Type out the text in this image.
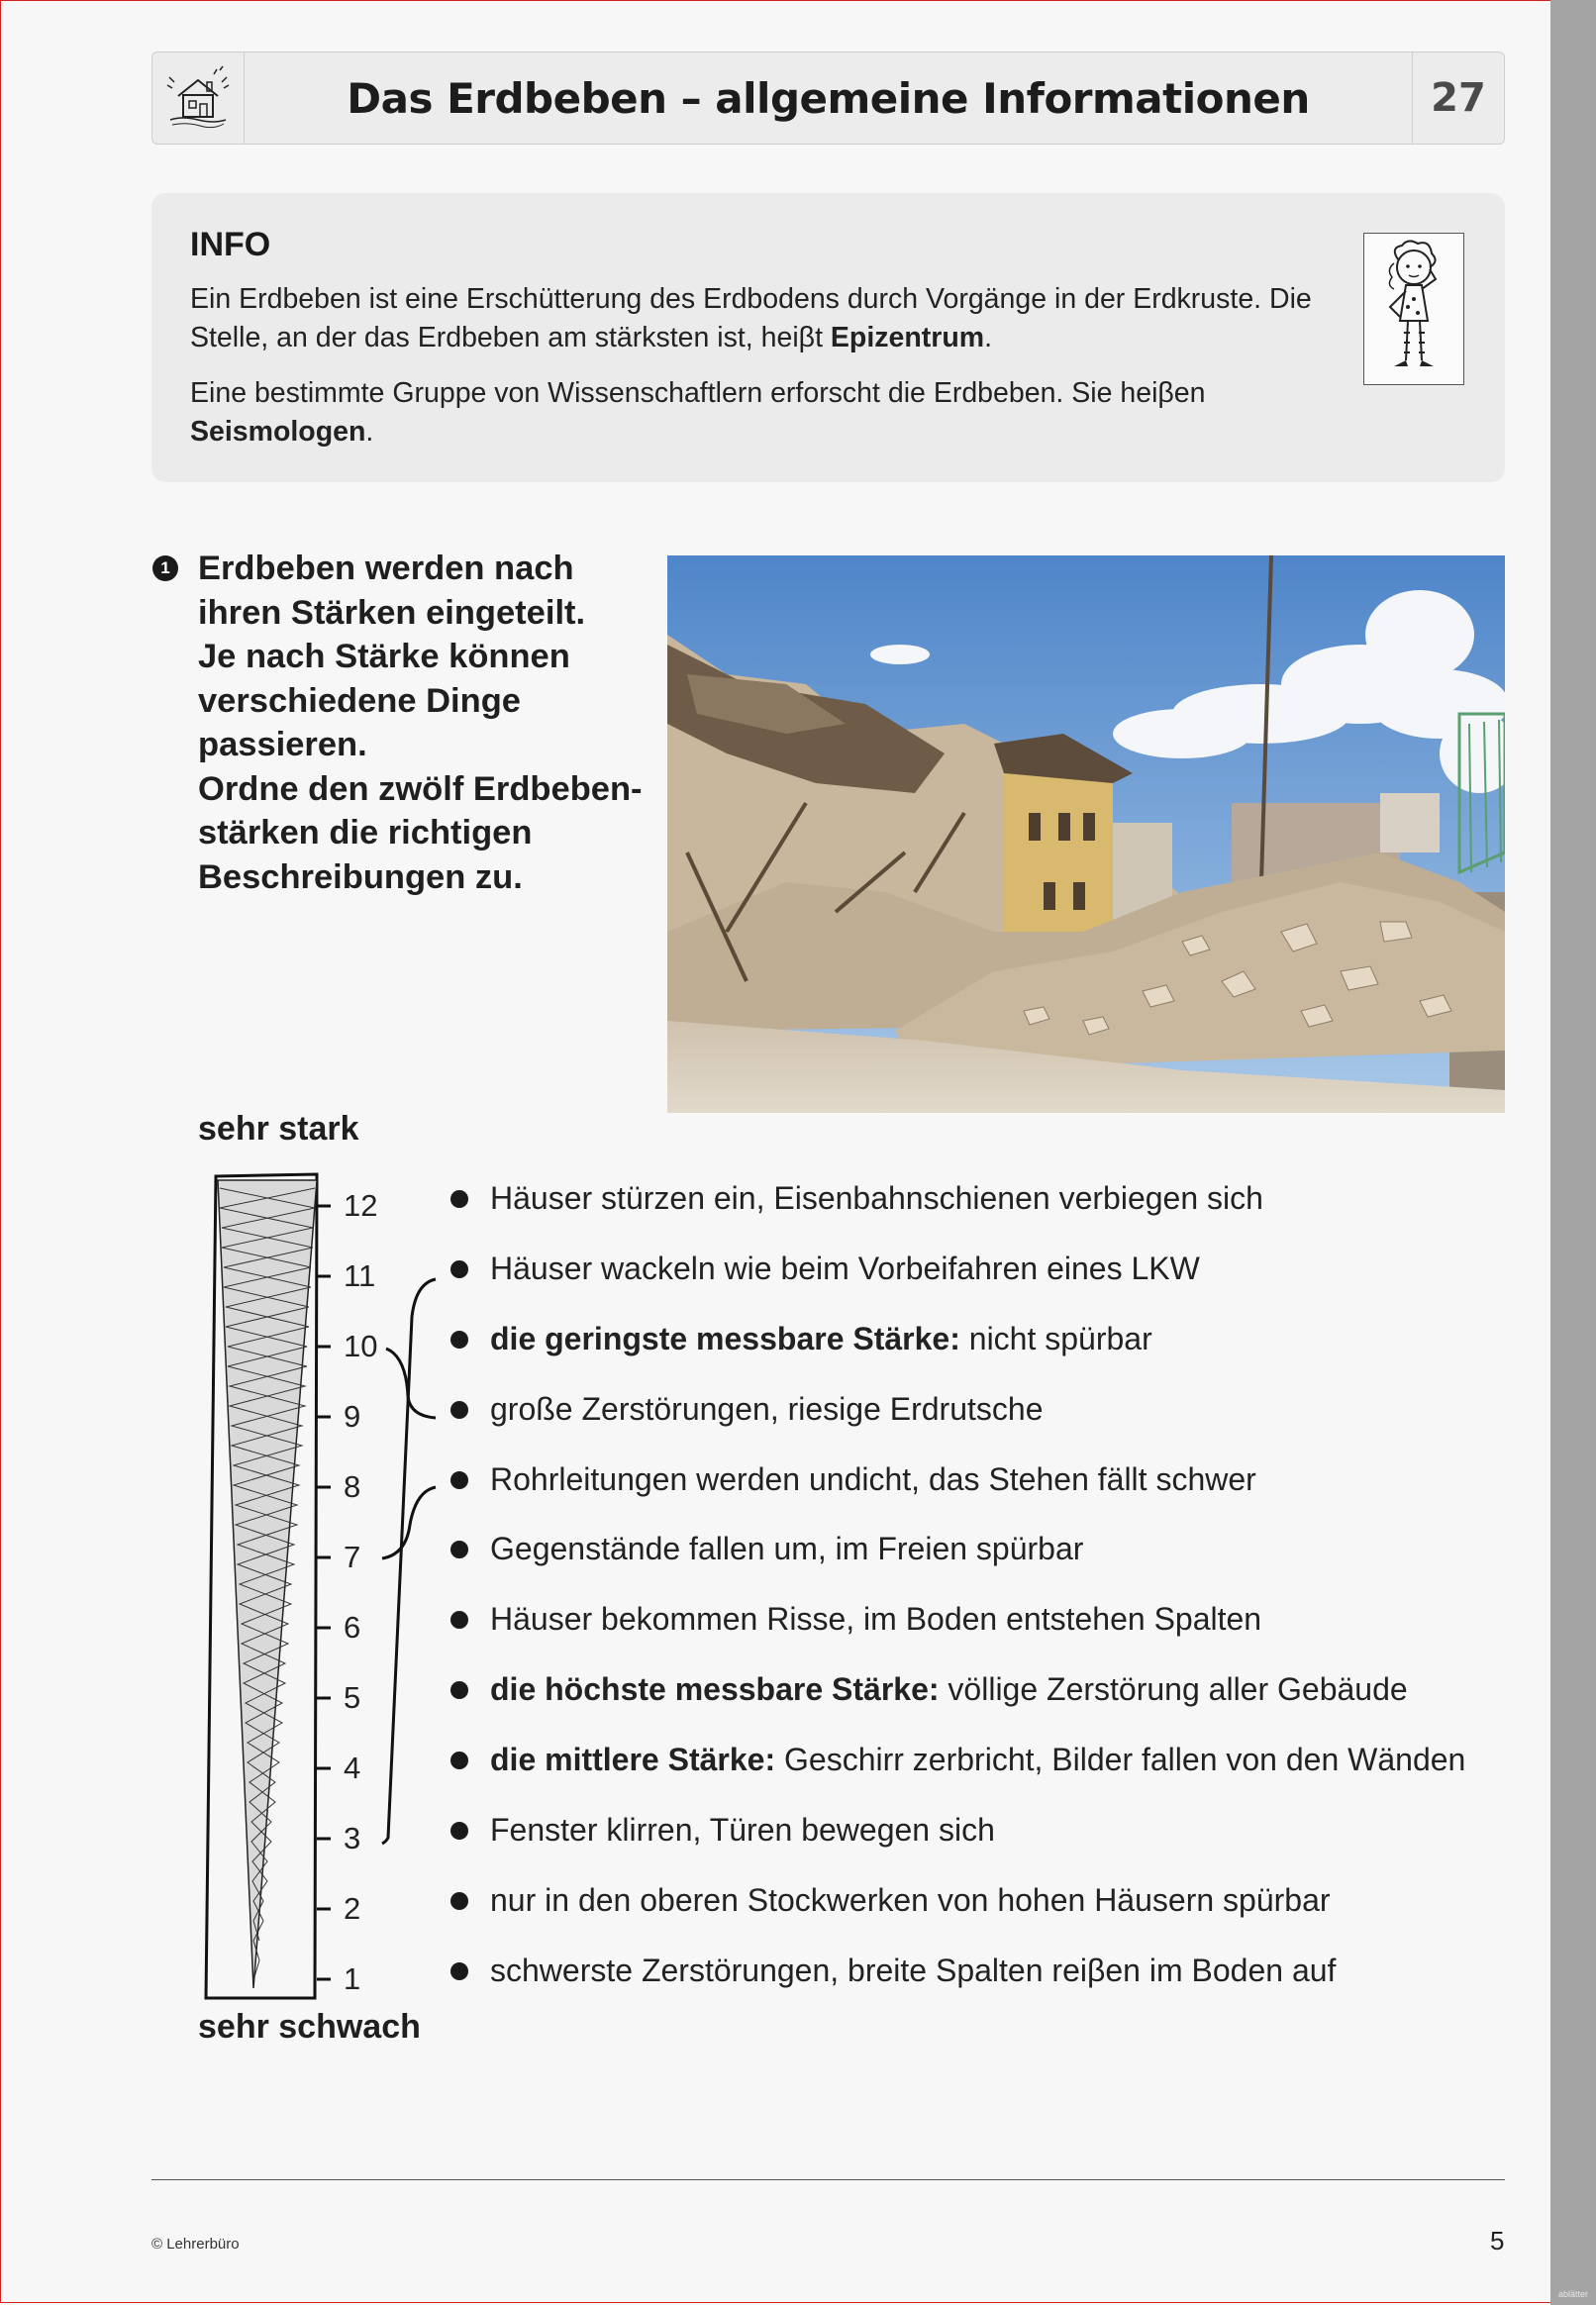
ablätter
Das Erdbeben – allgemeine Informationen	27
INFO
Ein Erdbeben ist eine Erschütterung des Erdbodens durch Vorgänge in der Erdkruste. Die Stelle, an der das Erdbeben am stärksten ist, heiβt Epizentrum.
Eine bestimmte Gruppe von Wissenschaftlern erforscht die Erdbeben. Sie heiβen Seismologen.
1 Erdbeben werden nach
ihren Stärken eingeteilt.
Je nach Stärke können
verschiedene Dinge
passieren.
Ordne den zwölf Erdbeben-
stärken die richtigen
Beschreibungen zu.
sehr stark
sehr schwach
12
11
10
9
8
7
6
5
4
3
2
1
Häuser stürzen ein, Eisenbahnschienen verbiegen sich
Häuser wackeln wie beim Vorbeifahren eines LKW
die geringste messbare Stärke: nicht spürbar
große Zerstörungen, riesige Erdrutsche
Rohrleitungen werden undicht, das Stehen fällt schwer
Gegenstände fallen um, im Freien spürbar
Häuser bekommen Risse, im Boden entstehen Spalten
die höchste messbare Stärke: völlige Zerstörung aller Gebäude
die mittlere Stärke: Geschirr zerbricht, Bilder fallen von den Wänden
Fenster klirren, Türen bewegen sich
nur in den oberen Stockwerken von hohen Häusern spürbar
schwerste Zerstörungen, breite Spalten reiβen im Boden auf
© Lehrerbüro	5
